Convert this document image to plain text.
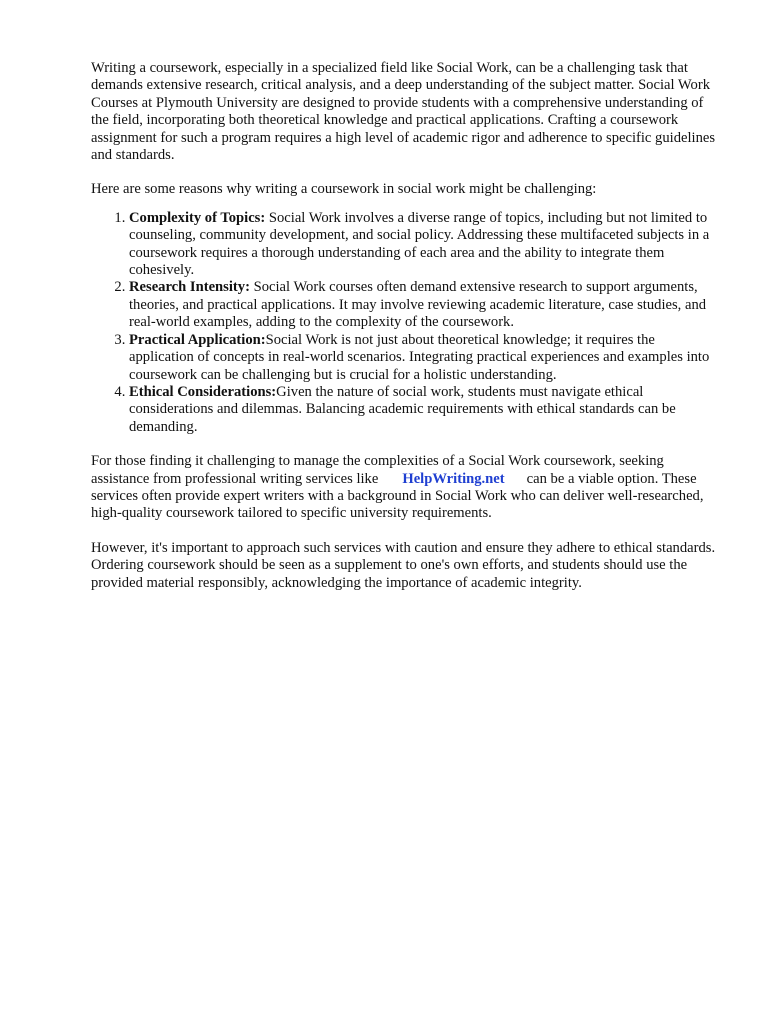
Writing a coursework, especially in a specialized field like Social Work, can be a challenging task that demands extensive research, critical analysis, and a deep understanding of the subject matter. Social Work Courses at Plymouth University are designed to provide students with a comprehensive understanding of the field, incorporating both theoretical knowledge and practical applications. Crafting a coursework assignment for such a program requires a high level of academic rigor and adherence to specific guidelines and standards.

Here are some reasons why writing a coursework in social work might be challenging:

1. Complexity of Topics: Social Work involves a diverse range of topics, including but not limited to counseling, community development, and social policy. Addressing these multifaceted subjects in a coursework requires a thorough understanding of each area and the ability to integrate them cohesively.
2. Research Intensity: Social Work courses often demand extensive research to support arguments, theories, and practical applications. It may involve reviewing academic literature, case studies, and real-world examples, adding to the complexity of the coursework.
3. Practical Application:Social Work is not just about theoretical knowledge; it requires the application of concepts in real-world scenarios. Integrating practical experiences and examples into coursework can be challenging but is crucial for a holistic understanding.
4. Ethical Considerations:Given the nature of social work, students must navigate ethical considerations and dilemmas. Balancing academic requirements with ethical standards can be demanding.

For those finding it challenging to manage the complexities of a Social Work coursework, seeking assistance from professional writing services like HelpWriting.net can be a viable option. These services often provide expert writers with a background in Social Work who can deliver well-researched, high-quality coursework tailored to specific university requirements.

However, it's important to approach such services with caution and ensure they adhere to ethical standards. Ordering coursework should be seen as a supplement to one's own efforts, and students should use the provided material responsibly, acknowledging the importance of academic integrity.
